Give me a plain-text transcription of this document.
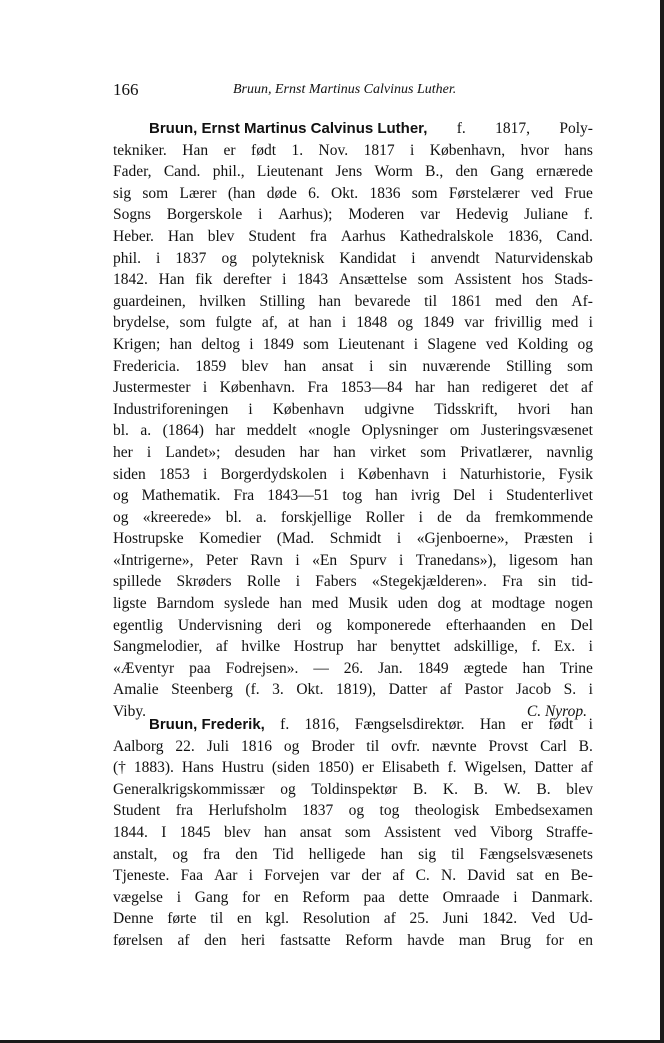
166	Bruun, Ernst Martinus Calvinus Luther.
Bruun, Ernst Martinus Calvinus Luther, f. 1817, Poly-
tekniker. Han er født 1. Nov. 1817 i København, hvor hans
Fader, Cand. phil., Lieutenant Jens Worm B., den Gang ernærede
sig som Lærer (han døde 6. Okt. 1836 som Førstelærer ved Frue
Sogns Borgerskole i Aarhus); Moderen var Hedevig Juliane f.
Heber. Han blev Student fra Aarhus Kathedralskole 1836, Cand.
phil. i 1837 og polyteknisk Kandidat i anvendt Naturvidenskab
1842. Han fik derefter i 1843 Ansættelse som Assistent hos Stads-
guardeinen, hvilken Stilling han bevarede til 1861 med den Af-
brydelse, som fulgte af, at han i 1848 og 1849 var frivillig med i
Krigen; han deltog i 1849 som Lieutenant i Slagene ved Kolding og
Fredericia. 1859 blev han ansat i sin nuværende Stilling som
Justermester i København. Fra 1853—84 har han redigeret det af
Industriforeningen i København udgivne Tidsskrift, hvori han
bl. a. (1864) har meddelt «nogle Oplysninger om Justeringsvæsenet
her i Landet»; desuden har han virket som Privatlærer, navnlig
siden 1853 i Borgerdydskolen i København i Naturhistorie, Fysik
og Mathematik. Fra 1843—51 tog han ivrig Del i Studenterlivet
og «kreerede» bl. a. forskjellige Roller i de da fremkommende
Hostrupske Komedier (Mad. Schmidt i «Gjenboerne», Præsten i
«Intrigerne», Peter Ravn i «En Spurv i Tranedans»), ligesom han
spillede Skrøders Rolle i Fabers «Stegekjælderen». Fra sin tid-
ligste Barndom syslede han med Musik uden dog at modtage nogen
egentlig Undervisning deri og komponerede efterhaanden en Del
Sangmelodier, af hvilke Hostrup har benyttet adskillige, f. Ex. i
«Æventyr paa Fodrejsen». — 26. Jan. 1849 ægtede han Trine
Amalie Steenberg (f. 3. Okt. 1819), Datter af Pastor Jacob S. i
Viby.	C. Nyrop.
Bruun, Frederik, f. 1816, Fængselsdirektør. Han er født i
Aalborg 22. Juli 1816 og Broder til ovfr. nævnte Provst Carl B.
(† 1883). Hans Hustru (siden 1850) er Elisabeth f. Wigelsen, Datter af
Generalkrigskommissær og Toldinspektør B. K. B. W. B. blev
Student fra Herlufsholm 1837 og tog theologisk Embedsexamen
1844. I 1845 blev han ansat som Assistent ved Viborg Straffe-
anstalt, og fra den Tid helligede han sig til Fængselsvæsenets
Tjeneste. Faa Aar i Forvejen var der af C. N. David sat en Be-
vægelse i Gang for en Reform paa dette Omraade i Danmark.
Denne førte til en kgl. Resolution af 25. Juni 1842. Ved Ud-
førelsen af den heri fastsatte Reform havde man Brug for en
